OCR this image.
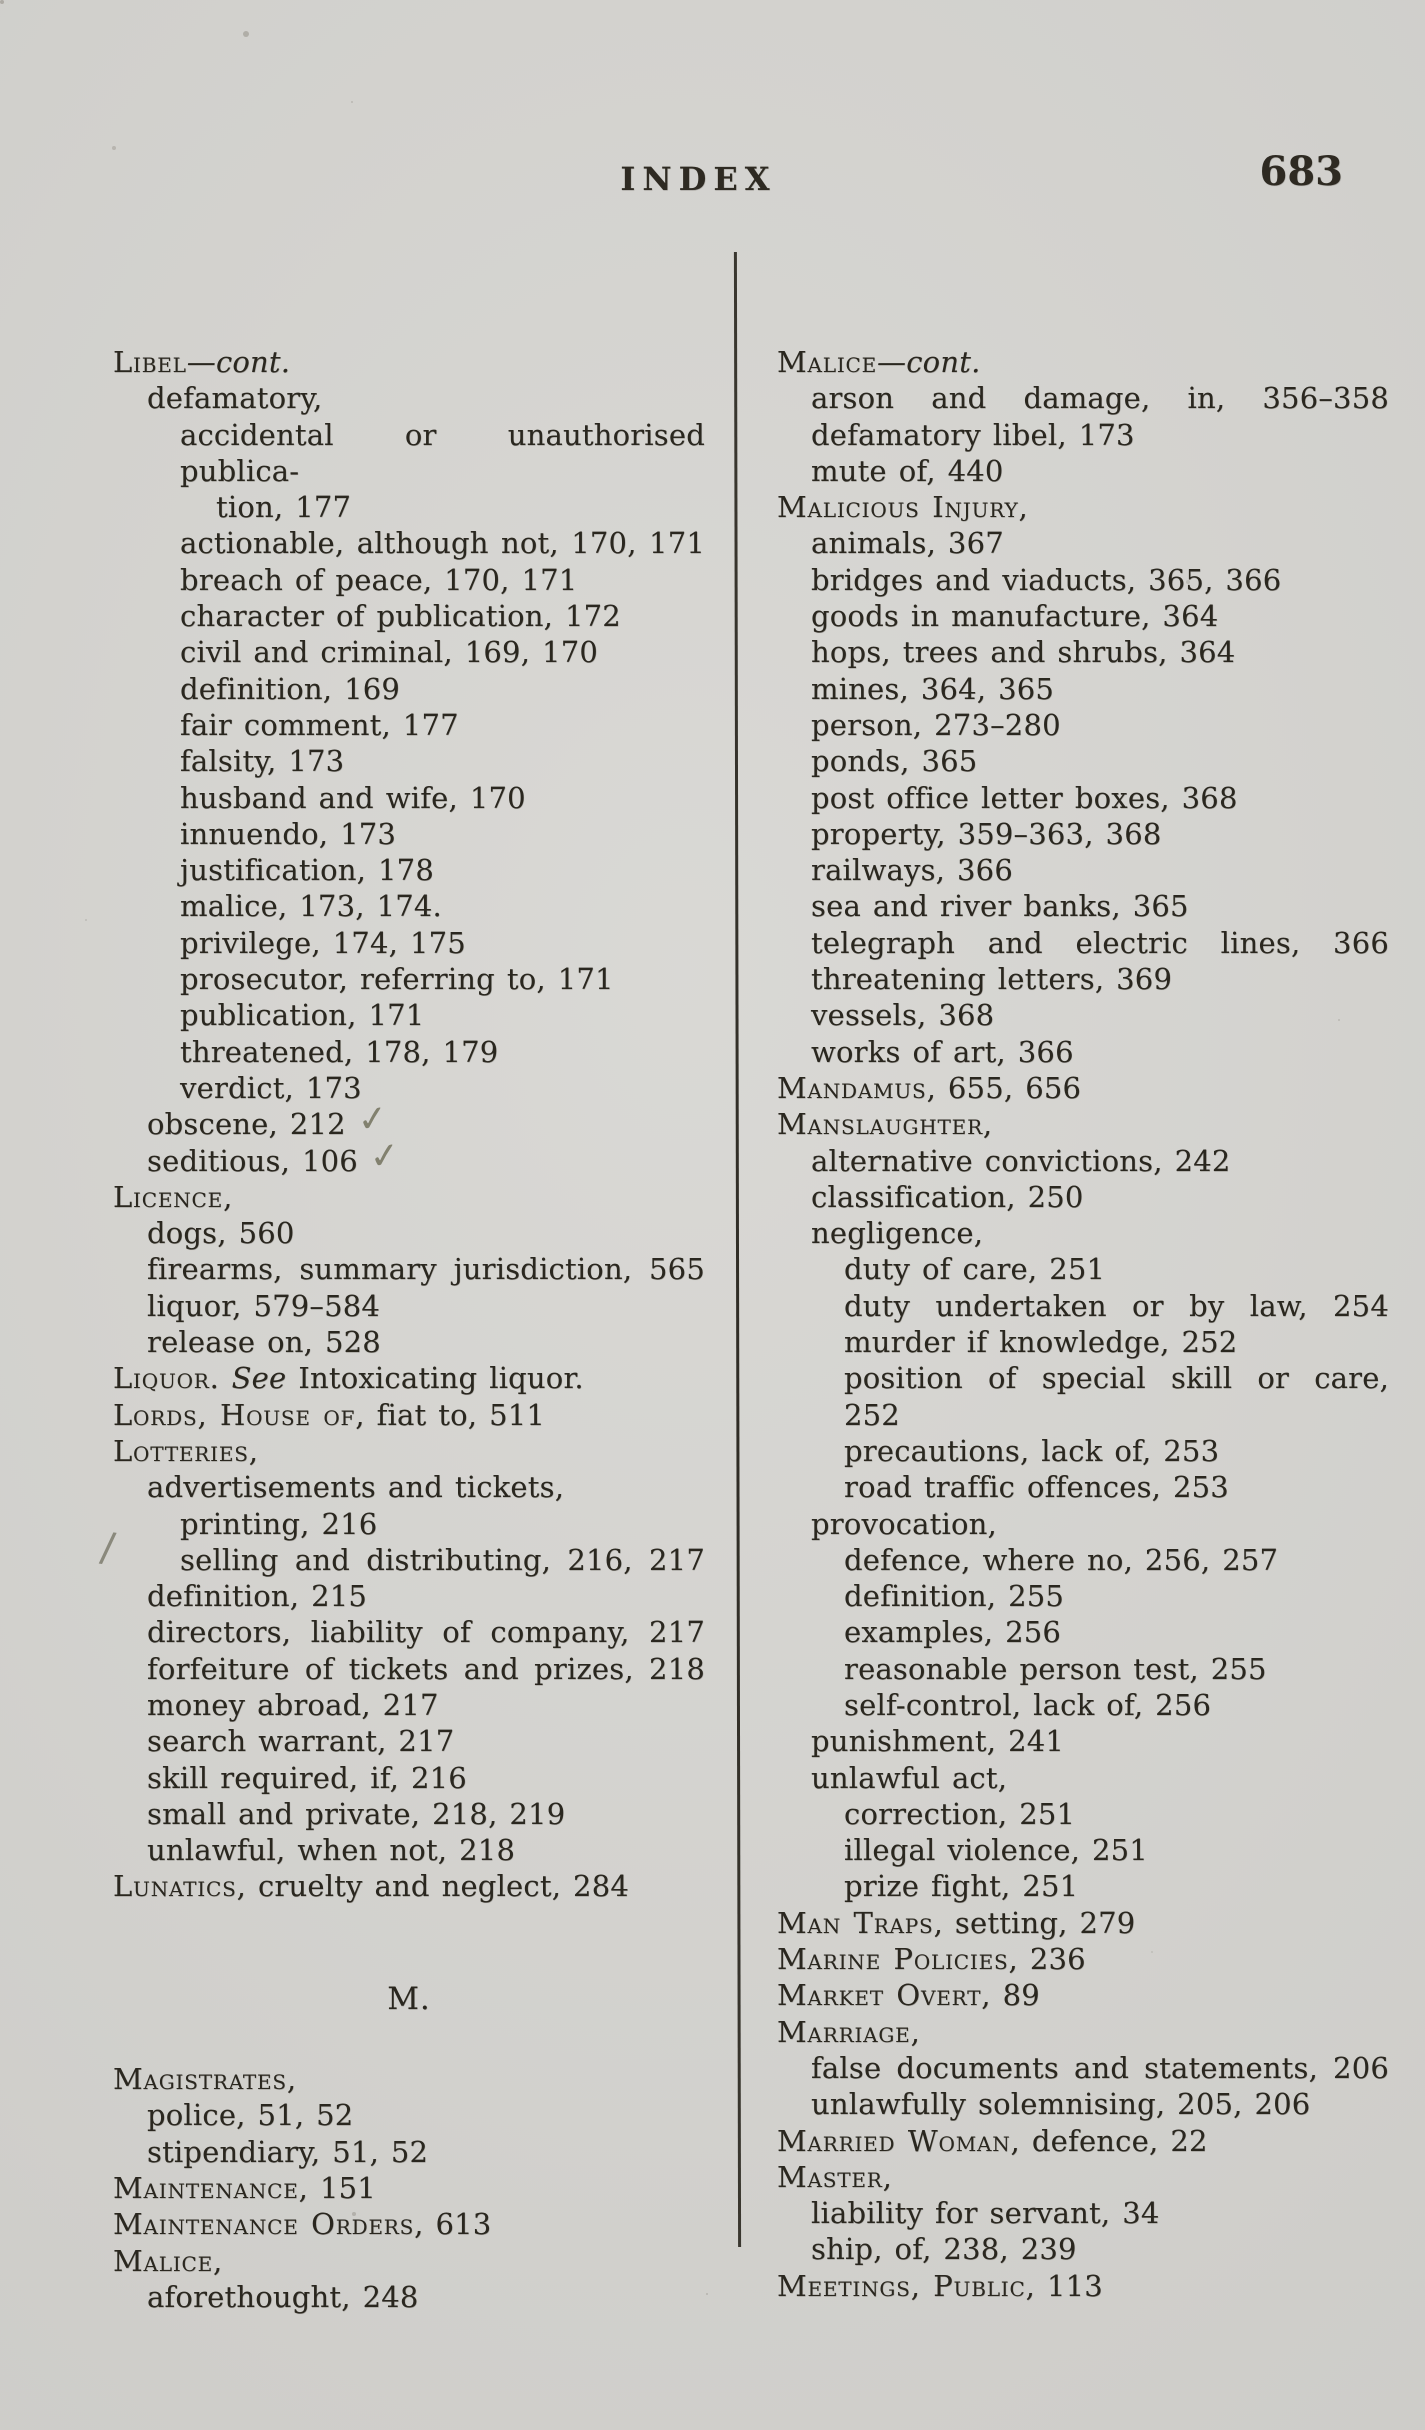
INDEX	683
Libel—cont.
defamatory,
accidental or unauthorised publica-
tion, 177
actionable, although not, 170, 171
breach of peace, 170, 171
character of publication, 172
civil and criminal, 169, 170
definition, 169
fair comment, 177
falsity, 173
husband and wife, 170
innuendo, 173
justification, 178
malice, 173, 174.
privilege, 174, 175
prosecutor, referring to, 171
publication, 171
threatened, 178, 179
verdict, 173
obscene, 212 ✓
seditious, 106 ✓
Licence,
dogs, 560
firearms, summary jurisdiction, 565
liquor, 579–584
release on, 528
Liquor. See Intoxicating liquor.
Lords, House of, fiat to, 511
Lotteries,
advertisements and tickets,
printing, 216
/ selling and distributing, 216, 217
definition, 215
directors, liability of company, 217
forfeiture of tickets and prizes, 218
money abroad, 217
search warrant, 217
skill required, if, 216
small and private, 218, 219
unlawful, when not, 218
Lunatics, cruelty and neglect, 284
M.
Magistrates,
police, 51, 52
stipendiary, 51, 52
Maintenance, 151
Maintenance Orders, 613
Malice,
aforethought, 248
Malice—cont.
arson and damage, in, 356–358
defamatory libel, 173
mute of, 440
Malicious Injury,
animals, 367
bridges and viaducts, 365, 366
goods in manufacture, 364
hops, trees and shrubs, 364
mines, 364, 365
person, 273–280
ponds, 365
post office letter boxes, 368
property, 359–363, 368
railways, 366
sea and river banks, 365
telegraph and electric lines, 366
threatening letters, 369
vessels, 368
works of art, 366
Mandamus, 655, 656
Manslaughter,
alternative convictions, 242
classification, 250
negligence,
duty of care, 251
duty undertaken or by law, 254
murder if knowledge, 252
position of special skill or care, 252
precautions, lack of, 253
road traffic offences, 253
provocation,
defence, where no, 256, 257
definition, 255
examples, 256
reasonable person test, 255
self-control, lack of, 256
punishment, 241
unlawful act,
correction, 251
illegal violence, 251
prize fight, 251
Man Traps, setting, 279
Marine Policies, 236
Market Overt, 89
Marriage,
false documents and statements, 206
unlawfully solemnising, 205, 206
Married Woman, defence, 22
Master,
liability for servant, 34
ship, of, 238, 239
Meetings, Public, 113
